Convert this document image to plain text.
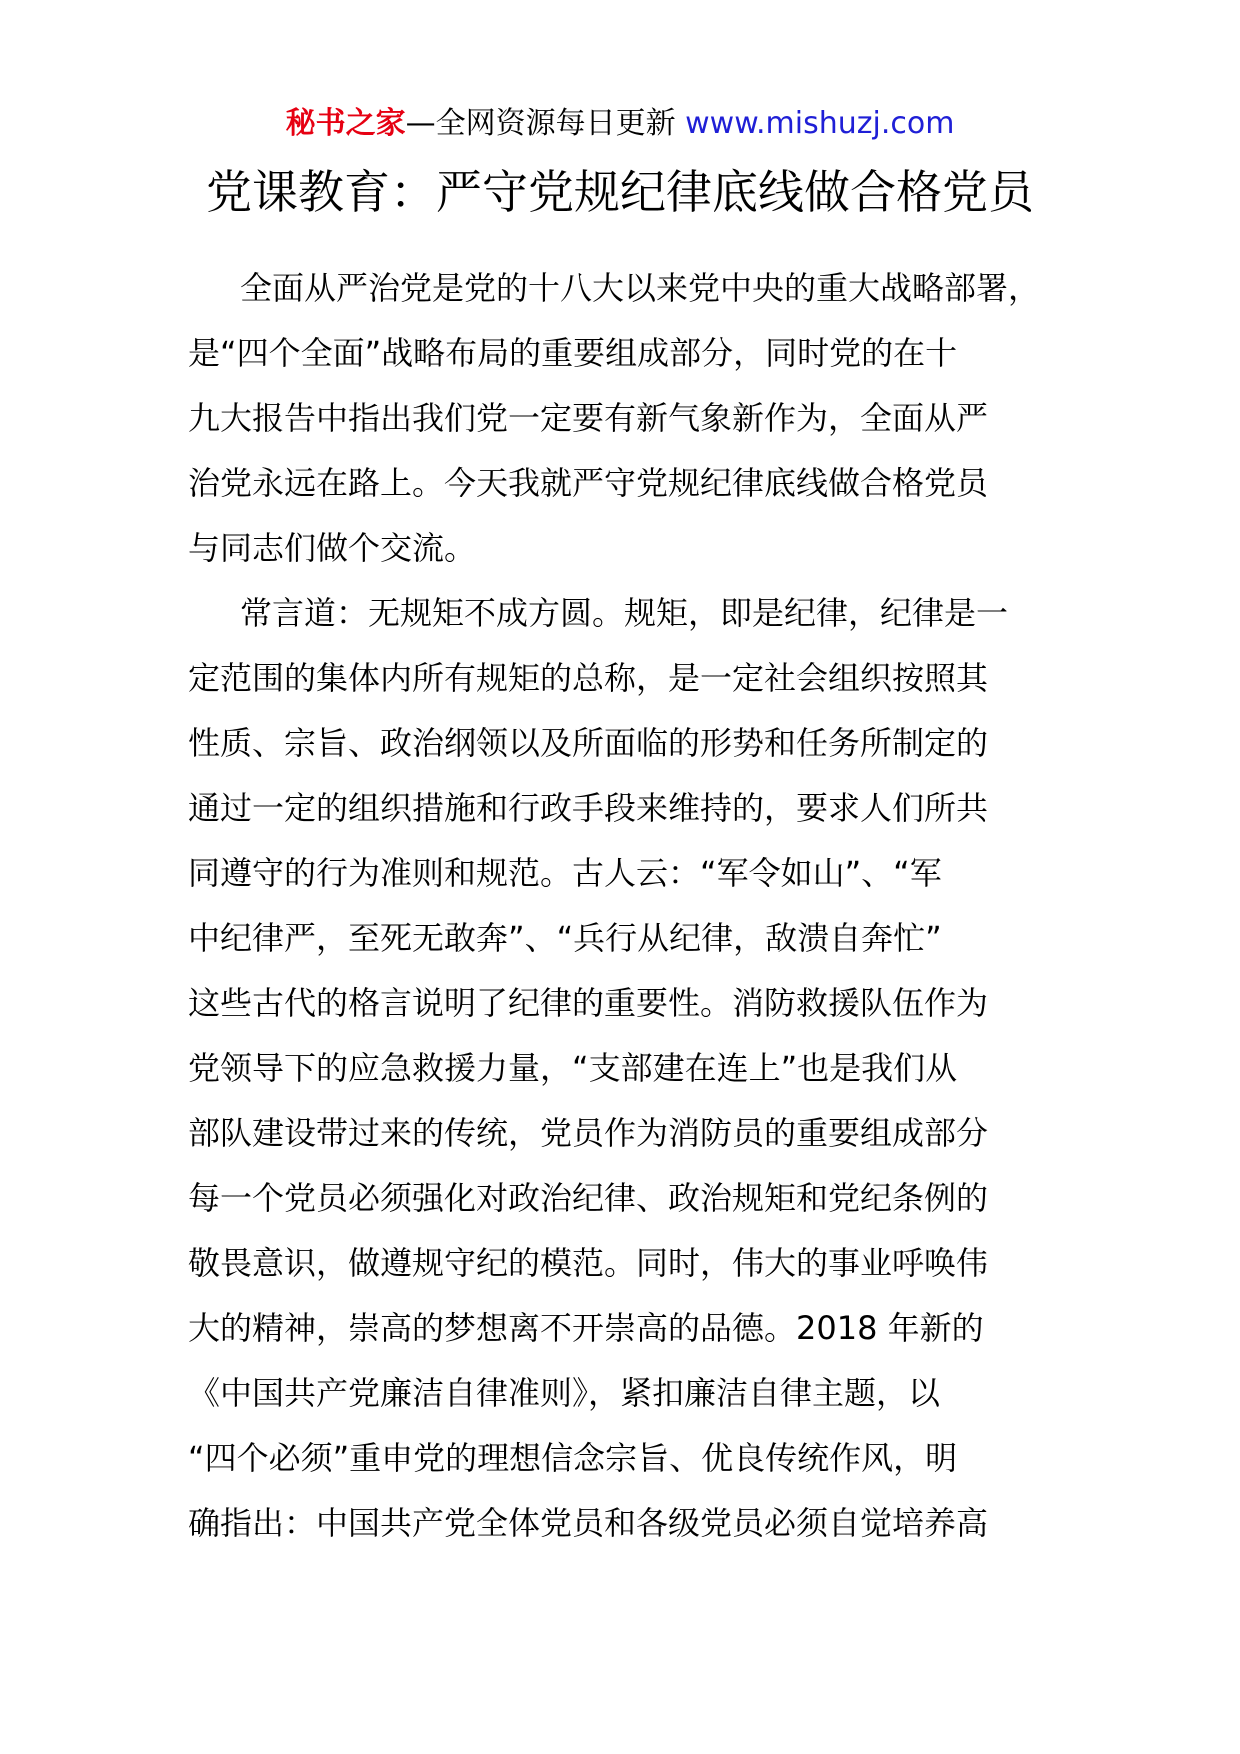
秘书之家—全网资源每日更新 www.mishuzj.com
党课教育：严守党规纪律底线做合格党员
全面从严治党是党的十八大以来党中央的重大战略部署，
是“四个全面”战略布局的重要组成部分，同时党的在十
九大报告中指出我们党一定要有新气象新作为，全面从严
治党永远在路上。今天我就严守党规纪律底线做合格党员
与同志们做个交流。
常言道：无规矩不成方圆。规矩，即是纪律，纪律是一
定范围的集体内所有规矩的总称，是一定社会组织按照其
性质、宗旨、政治纲领以及所面临的形势和任务所制定的
通过一定的组织措施和行政手段来维持的，要求人们所共
同遵守的行为准则和规范。古人云：“军令如山”、“军
中纪律严，至死无敢奔”、“兵行从纪律，敌溃自奔忙”
这些古代的格言说明了纪律的重要性。消防救援队伍作为
党领导下的应急救援力量，“支部建在连上”也是我们从
部队建设带过来的传统，党员作为消防员的重要组成部分
每一个党员必须强化对政治纪律、政治规矩和党纪条例的
敬畏意识，做遵规守纪的模范。同时，伟大的事业呼唤伟
大的精神，崇高的梦想离不开崇高的品德。2018 年新的
《中国共产党廉洁自律准则》，紧扣廉洁自律主题，以
“四个必须”重申党的理想信念宗旨、优良传统作风，明
确指出：中国共产党全体党员和各级党员必须自觉培养高
